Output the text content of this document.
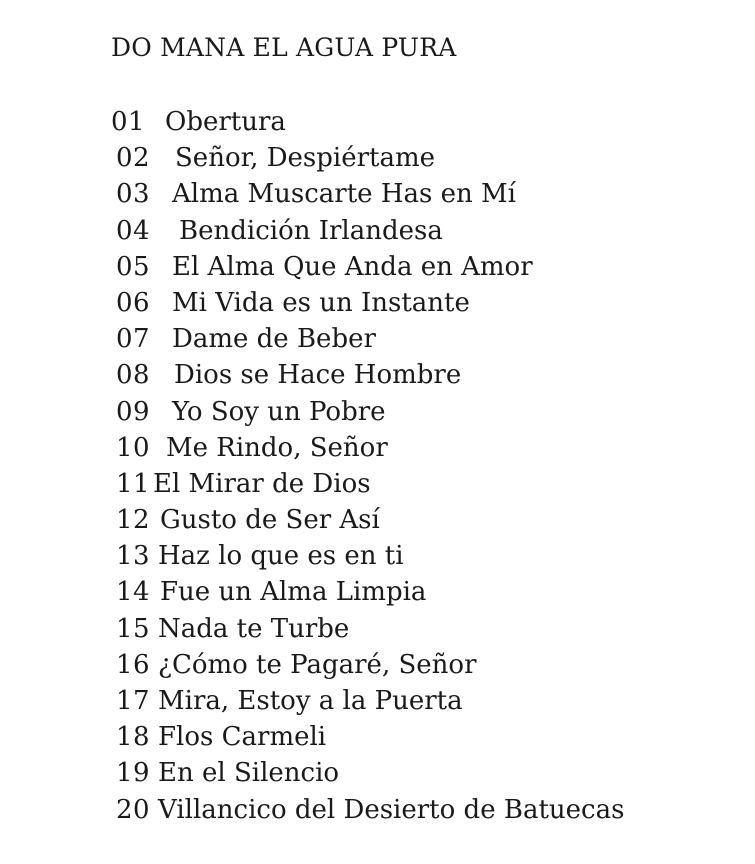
DO MANA EL AGUA PURA
01 Obertura
02 Señor, Despiértame
03 Alma Muscarte Has en Mí
04 Bendición Irlandesa
05 El Alma Que Anda en Amor
06 Mi Vida es un Instante
07 Dame de Beber
08 Dios se Hace Hombre
09 Yo Soy un Pobre
10 Me Rindo, Señor
11 El Mirar de Dios
12 Gusto de Ser Así
13 Haz lo que es en ti
14 Fue un Alma Limpia
15 Nada te Turbe
16 ¿Cómo te Pagaré, Señor
17 Mira, Estoy a la Puerta
18 Flos Carmeli
19 En el Silencio
20 Villancico del Desierto de Batuecas
